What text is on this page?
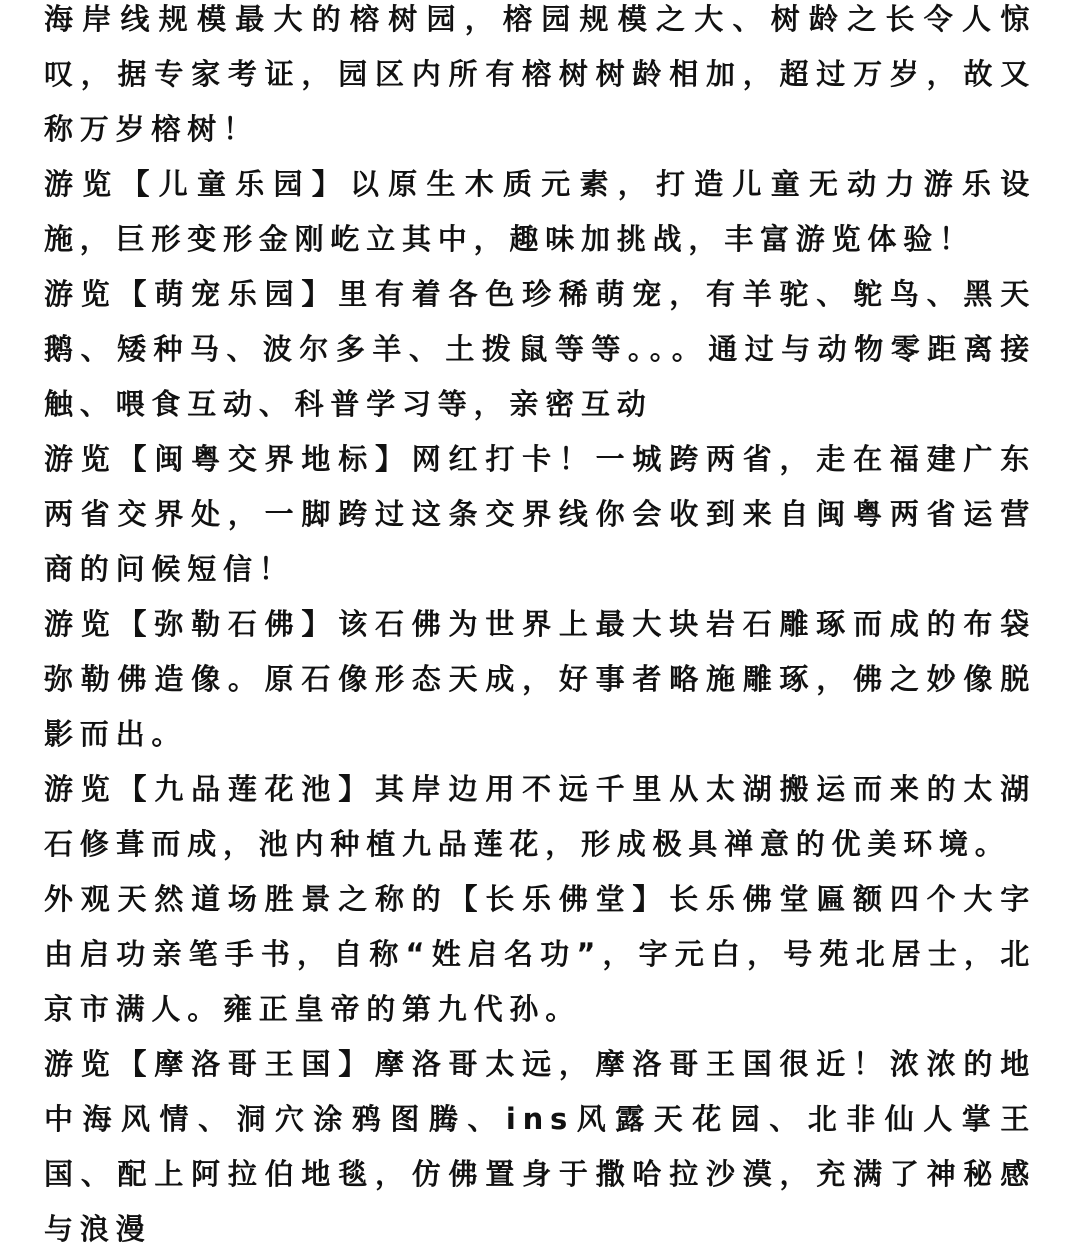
海岸线规模最大的榕树园，榕园规模之大、树龄之长令人惊叹，据专家考证，园区内所有榕树树龄相加，超过万岁，故又称万岁榕树！

游览【儿童乐园】以原生木质元素，打造儿童无动力游乐设施，巨形变形金刚屹立其中，趣味加挑战，丰富游览体验！

游览【萌宠乐园】里有着各色珍稀萌宠，有羊驼、鸵鸟、黑天鹅、矮种马、波尔多羊、土拨鼠等等。。。通过与动物零距离接触、喂食互动、科普学习等，亲密互动

游览【闽粤交界地标】网红打卡！一城跨两省，走在福建广东两省交界处，一脚跨过这条交界线你会收到来自闽粤两省运营商的问候短信！

游览【弥勒石佛】该石佛为世界上最大块岩石雕琢而成的布袋弥勒佛造像。原石像形态天成，好事者略施雕琢，佛之妙像脱影而出。

游览【九品莲花池】其岸边用不远千里从太湖搬运而来的太湖石修葺而成，池内种植九品莲花，形成极具禅意的优美环境。

外观天然道场胜景之称的【长乐佛堂】长乐佛堂匾额四个大字由启功亲笔手书，自称“姓启名功”，字元白，号苑北居士，北京市满人。雍正皇帝的第九代孙。

游览【摩洛哥王国】摩洛哥太远，摩洛哥王国很近！浓浓的地中海风情、洞穴涂鸦图腾、ins风露天花园、北非仙人掌王国、配上阿拉伯地毯，仿佛置身于撒哈拉沙漠，充满了神秘感与浪漫
